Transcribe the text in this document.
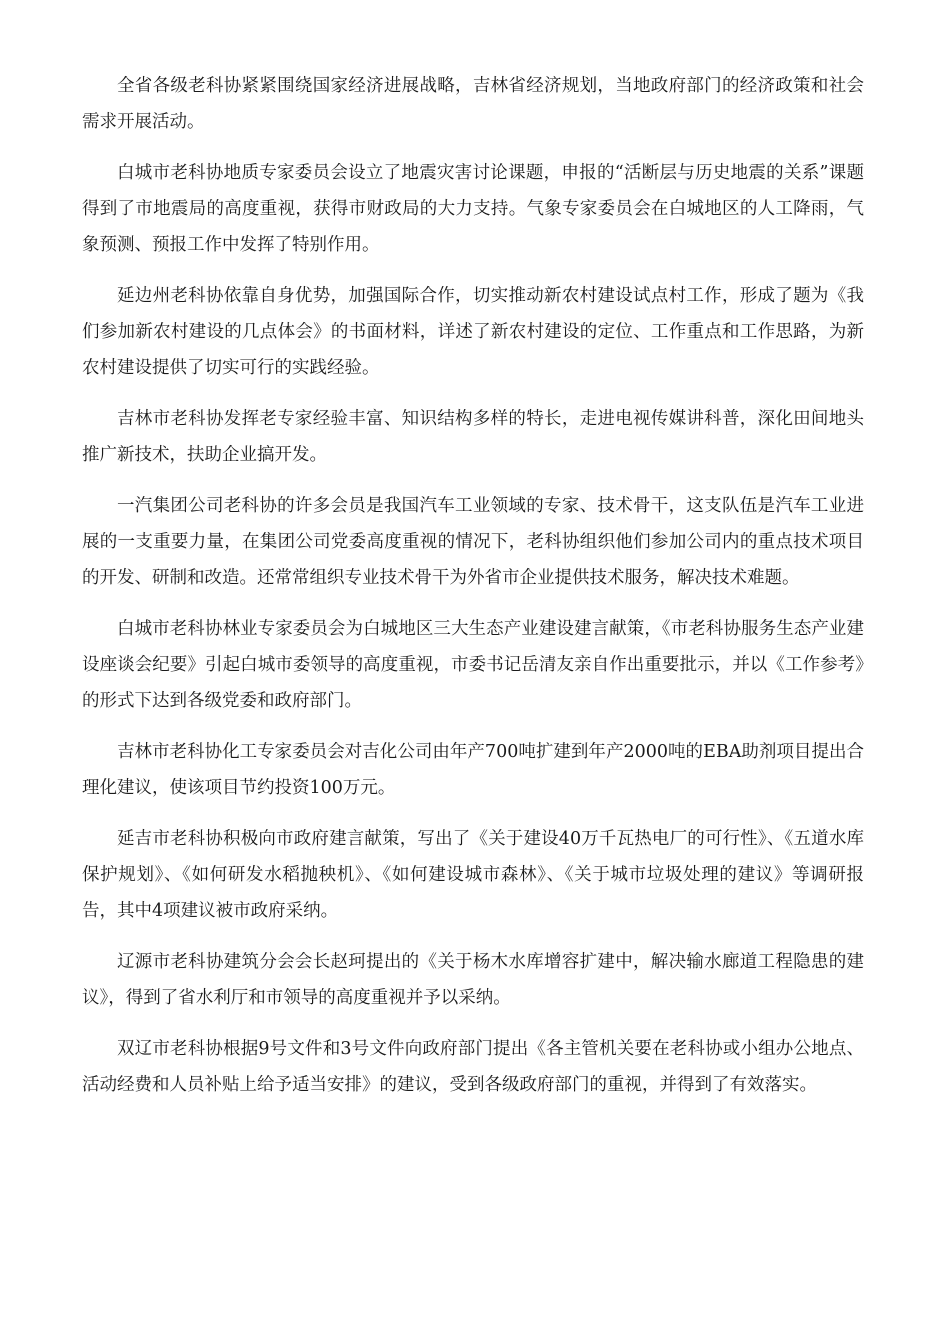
全省各级老科协紧紧围绕国家经济进展战略，吉林省经济规划，当地政府部门的经济政策和社会需求开展活动。

白城市老科协地质专家委员会设立了地震灾害讨论课题，申报的“活断层与历史地震的关系”课题得到了市地震局的高度重视，获得市财政局的大力支持。气象专家委员会在白城地区的人工降雨，气象预测、预报工作中发挥了特别作用。

延边州老科协依靠自身优势，加强国际合作，切实推动新农村建设试点村工作，形成了题为《我们参加新农村建设的几点体会》的书面材料，详述了新农村建设的定位、工作重点和工作思路，为新农村建设提供了切实可行的实践经验。

吉林市老科协发挥老专家经验丰富、知识结构多样的特长，走进电视传媒讲科普，深化田间地头推广新技术，扶助企业搞开发。

一汽集团公司老科协的许多会员是我国汽车工业领域的专家、技术骨干，这支队伍是汽车工业进展的一支重要力量，在集团公司党委高度重视的情况下，老科协组织他们参加公司内的重点技术项目的开发、研制和改造。还常常组织专业技术骨干为外省市企业提供技术服务，解决技术难题。

白城市老科协林业专家委员会为白城地区三大生态产业建设建言献策，《市老科协服务生态产业建设座谈会纪要》引起白城市委领导的高度重视，市委书记岳清友亲自作出重要批示，并以《工作参考》的形式下达到各级党委和政府部门。

吉林市老科协化工专家委员会对吉化公司由年产700吨扩建到年产2000吨的EBA助剂项目提出合理化建议，使该项目节约投资100万元。

延吉市老科协积极向市政府建言献策，写出了《关于建设40万千瓦热电厂的可行性》、《五道水库保护规划》、《如何研发水稻抛秧机》、《如何建设城市森林》、《关于城市垃圾处理的建议》等调研报告，其中4项建议被市政府采纳。

辽源市老科协建筑分会会长赵珂提出的《关于杨木水库增容扩建中，解决输水廊道工程隐患的建议》，得到了省水利厅和市领导的高度重视并予以采纳。

双辽市老科协根据9号文件和3号文件向政府部门提出《各主管机关要在老科协或小组办公地点、活动经费和人员补贴上给予适当安排》的建议，受到各级政府部门的重视，并得到了有效落实。
